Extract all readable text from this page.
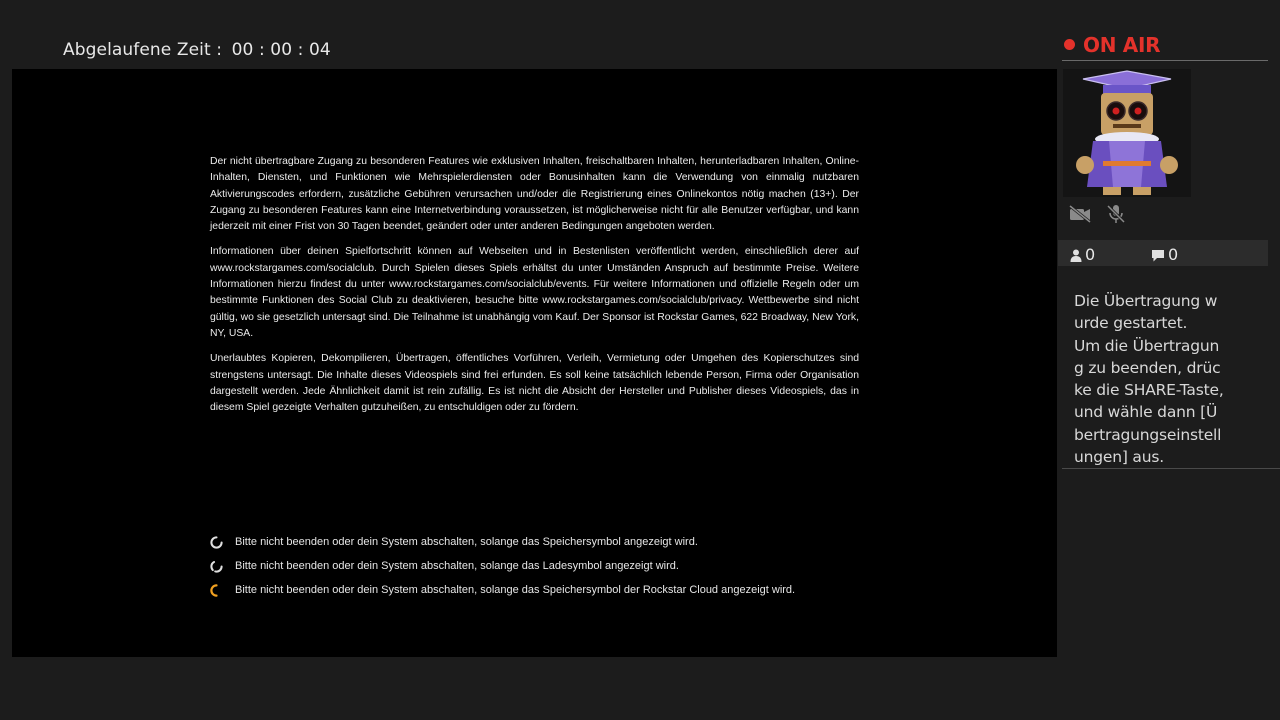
Abgelaufene Zeit : 00 : 00 : 04

Der nicht übertragbare Zugang zu besonderen Features wie exklusiven Inhalten, freischaltbaren Inhalten, herunterladbaren Inhalten, Online-Inhalten, Diensten, und Funktionen wie Mehrspielerdiensten oder Bonusinhalten kann die Verwendung von einmalig nutzbaren Aktivierungscodes erfordern, zusätzliche Gebühren verursachen und/oder die Registrierung eines Onlinekontos nötig machen (13+). Der Zugang zu besonderen Features kann eine Internetverbindung voraussetzen, ist möglicherweise nicht für alle Benutzer verfügbar, und kann jederzeit mit einer Frist von 30 Tagen beendet, geändert oder unter anderen Bedingungen angeboten werden.

Informationen über deinen Spielfortschritt können auf Webseiten und in Bestenlisten veröffentlicht werden, einschließlich derer auf www.rockstargames.com/socialclub. Durch Spielen dieses Spiels erhältst du unter Umständen Anspruch auf bestimmte Preise. Weitere Informationen hierzu findest du unter www.rockstargames.com/socialclub/events. Für weitere Informationen und offizielle Regeln oder um bestimmte Funktionen des Social Club zu deaktivieren, besuche bitte www.rockstargames.com/socialclub/privacy. Wettbewerbe sind nicht gültig, wo sie gesetzlich untersagt sind. Die Teilnahme ist unabhängig vom Kauf. Der Sponsor ist Rockstar Games, 622 Broadway, New York, NY, USA.

Unerlaubtes Kopieren, Dekompilieren, Übertragen, öffentliches Vorführen, Verleih, Vermietung oder Umgehen des Kopierschutzes sind strengstens untersagt. Die Inhalte dieses Videospiels sind frei erfunden. Es soll keine tatsächlich lebende Person, Firma oder Organisation dargestellt werden. Jede Ähnlichkeit damit ist rein zufällig. Es ist nicht die Absicht der Hersteller und Publisher dieses Videospiels, das in diesem Spiel gezeigte Verhalten gutzuheißen, zu entschuldigen oder zu fördern.

Bitte nicht beenden oder dein System abschalten, solange das Speichersymbol angezeigt wird.
Bitte nicht beenden oder dein System abschalten, solange das Ladesymbol angezeigt wird.
Bitte nicht beenden oder dein System abschalten, solange das Speichersymbol der Rockstar Cloud angezeigt wird.
ON AIR
0	0
Die Übertragung wurde gestartet.
Um die Übertragung zu beenden, drücke die SHARE-Taste, und wähle dann [Übertragungseinstellungen] aus.
